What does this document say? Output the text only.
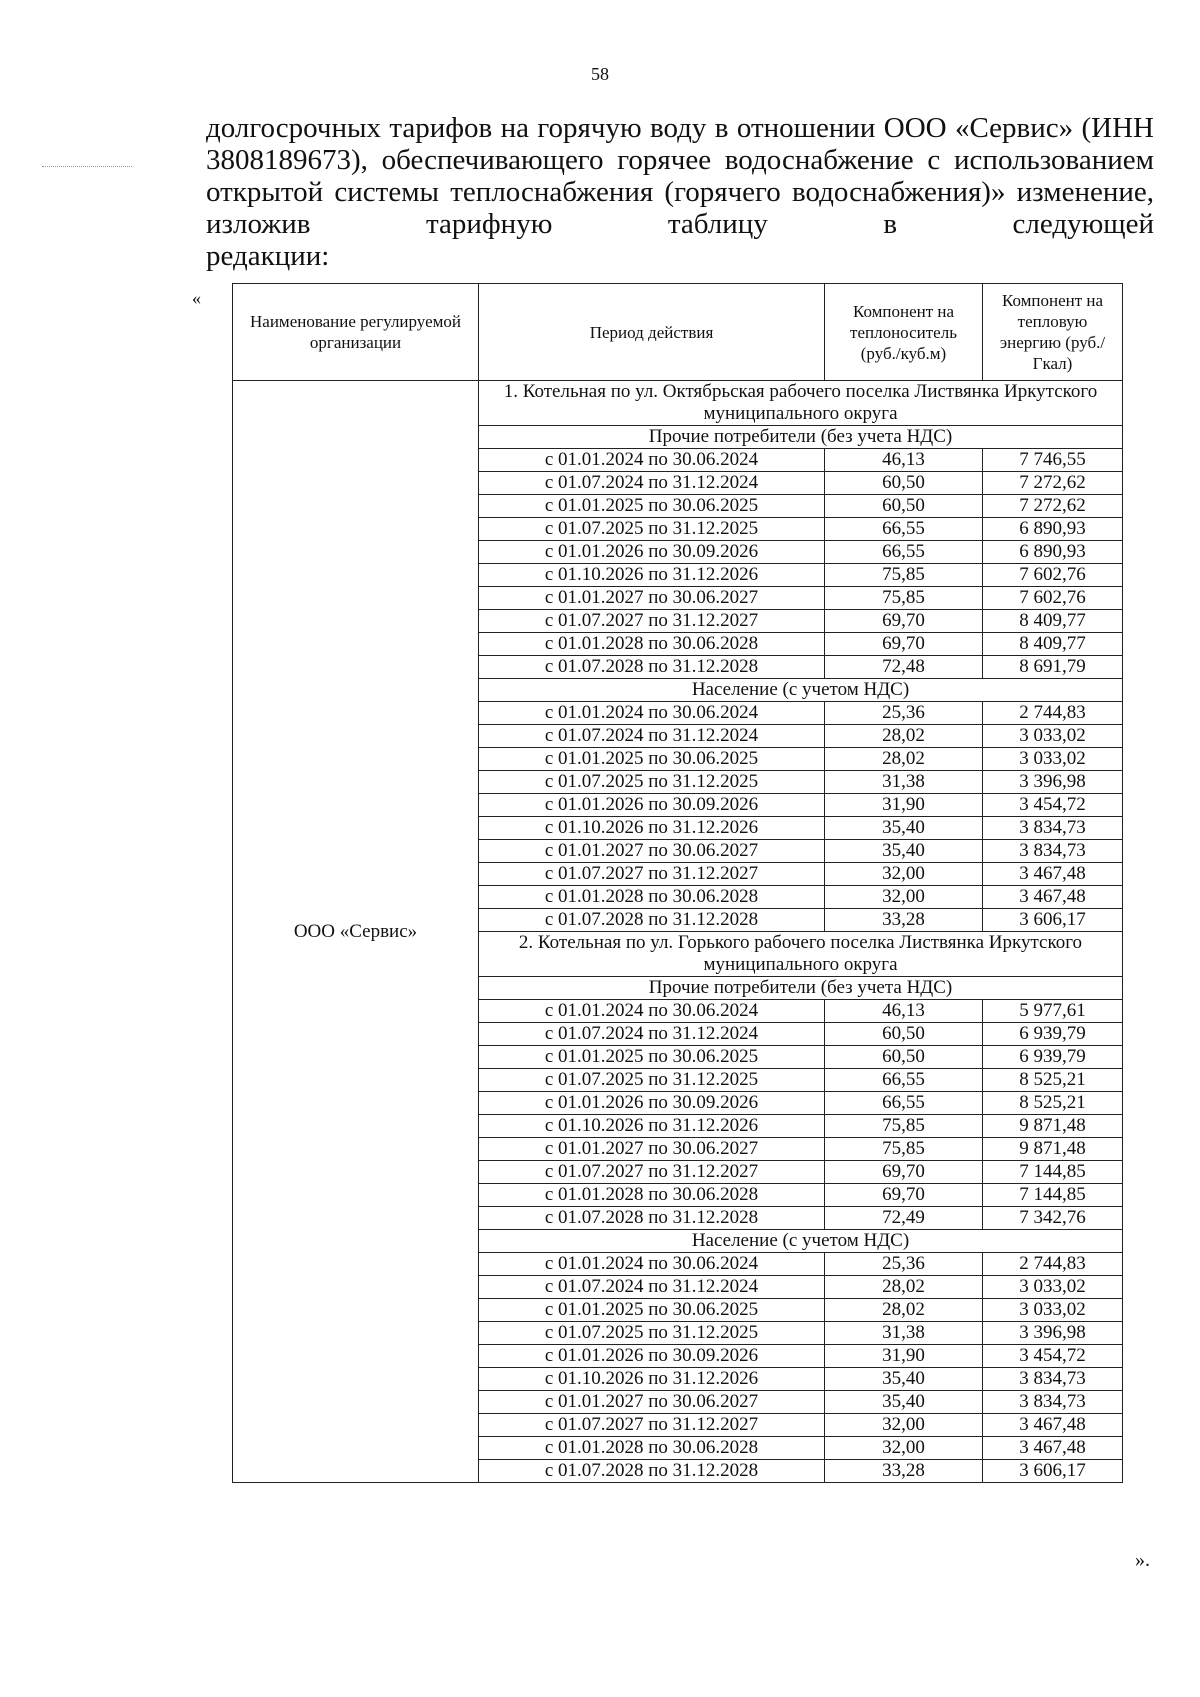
58
долгосрочных тарифов на горячую воду в отношении ООО «Сервис» (ИНН 3808189673), обеспечивающего горячее водоснабжение с использованием открытой системы теплоснабжения (горячего водоснабжения)» изменение, изложив тарифную таблицу в следующей
редакции:
«
Наименование регулируемой организации	Период действия	Компонент на теплоноситель (руб./куб.м)	Компонент на тепловую энергию (руб./Гкал)
ООО «Сервис»	1. Котельная по ул. Октябрьская рабочего поселка Листвянка Иркутского муниципального округа		
	Прочие потребители (без учета НДС)		
	с 01.01.2024 по 30.06.2024	46,13	7 746,55
	с 01.07.2024 по 31.12.2024	60,50	7 272,62
	с 01.01.2025 по 30.06.2025	60,50	7 272,62
	с 01.07.2025 по 31.12.2025	66,55	6 890,93
	с 01.01.2026 по 30.09.2026	66,55	6 890,93
	с 01.10.2026 по 31.12.2026	75,85	7 602,76
	с 01.01.2027 по 30.06.2027	75,85	7 602,76
	с 01.07.2027 по 31.12.2027	69,70	8 409,77
	с 01.01.2028 по 30.06.2028	69,70	8 409,77
	с 01.07.2028 по 31.12.2028	72,48	8 691,79
	Население (с учетом НДС)		
	с 01.01.2024 по 30.06.2024	25,36	2 744,83
	с 01.07.2024 по 31.12.2024	28,02	3 033,02
	с 01.01.2025 по 30.06.2025	28,02	3 033,02
	с 01.07.2025 по 31.12.2025	31,38	3 396,98
	с 01.01.2026 по 30.09.2026	31,90	3 454,72
	с 01.10.2026 по 31.12.2026	35,40	3 834,73
	с 01.01.2027 по 30.06.2027	35,40	3 834,73
	с 01.07.2027 по 31.12.2027	32,00	3 467,48
	с 01.01.2028 по 30.06.2028	32,00	3 467,48
	с 01.07.2028 по 31.12.2028	33,28	3 606,17
	2. Котельная по ул. Горького рабочего поселка Листвянка Иркутского муниципального округа		
	Прочие потребители (без учета НДС)		
	с 01.01.2024 по 30.06.2024	46,13	5 977,61
	с 01.07.2024 по 31.12.2024	60,50	6 939,79
	с 01.01.2025 по 30.06.2025	60,50	6 939,79
	с 01.07.2025 по 31.12.2025	66,55	8 525,21
	с 01.01.2026 по 30.09.2026	66,55	8 525,21
	с 01.10.2026 по 31.12.2026	75,85	9 871,48
	с 01.01.2027 по 30.06.2027	75,85	9 871,48
	с 01.07.2027 по 31.12.2027	69,70	7 144,85
	с 01.01.2028 по 30.06.2028	69,70	7 144,85
	с 01.07.2028 по 31.12.2028	72,49	7 342,76
	Население (с учетом НДС)		
	с 01.01.2024 по 30.06.2024	25,36	2 744,83
	с 01.07.2024 по 31.12.2024	28,02	3 033,02
	с 01.01.2025 по 30.06.2025	28,02	3 033,02
	с 01.07.2025 по 31.12.2025	31,38	3 396,98
	с 01.01.2026 по 30.09.2026	31,90	3 454,72
	с 01.10.2026 по 31.12.2026	35,40	3 834,73
	с 01.01.2027 по 30.06.2027	35,40	3 834,73
	с 01.07.2027 по 31.12.2027	32,00	3 467,48
	с 01.01.2028 по 30.06.2028	32,00	3 467,48
	с 01.07.2028 по 31.12.2028	33,28	3 606,17
».
